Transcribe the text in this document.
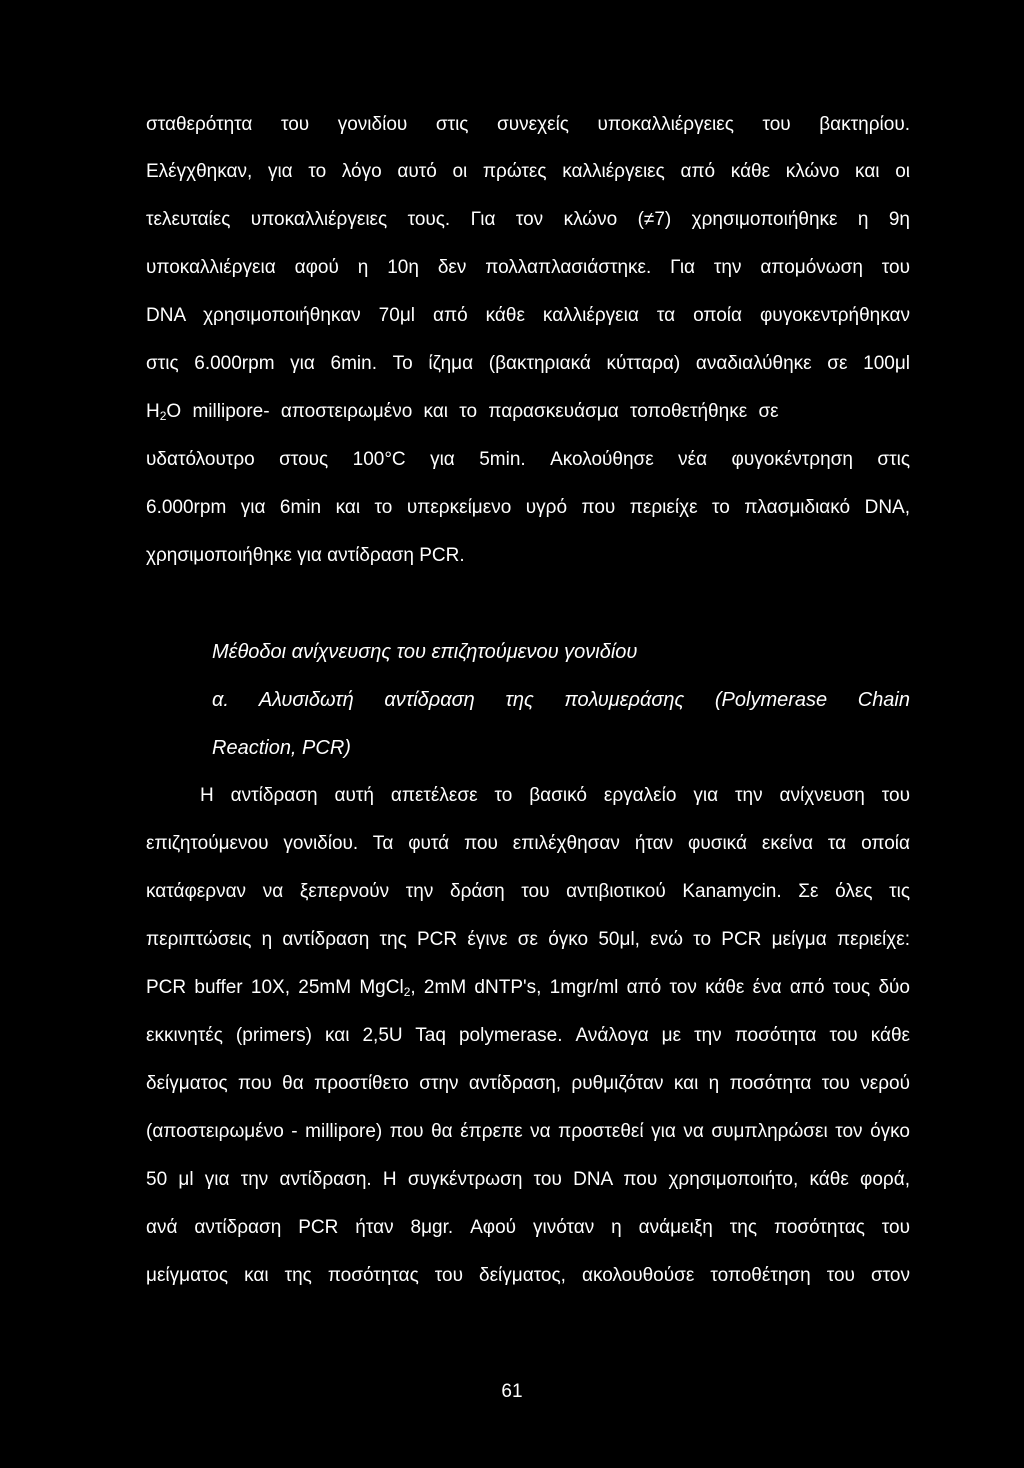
σταθερότητα του γονιδίου στις συνεχείς υποκαλλιέργειες του βακτηρίου.
Ελέγχθηκαν, για το λόγο αυτό οι πρώτες καλλιέργειες από κάθε κλώνο και οι
τελευταίες υποκαλλιέργειες τους. Για τον κλώνο (≠7) χρησιμοποιήθηκε η 9η
υποκαλλιέργεια αφού η 10η δεν πολλαπλασιάστηκε. Για την απομόνωση του
DNA χρησιμοποιήθηκαν 70μl από κάθε καλλιέργεια τα οποία φυγοκεντρήθηκαν
στις 6.000rpm για 6min. Το ίζημα (βακτηριακά κύτταρα) αναδιαλύθηκε σε 100μl
$H_2O$ millipore- αποστειρωμένο και το παρασκευάσμα τοποθετήθηκε σε
υδατόλουτρο στους 100°C για 5min. Ακολούθησε νέα φυγοκέντρηση στις
6.000rpm για 6min και το υπερκείμενο υγρό που περιείχε το πλασμιδιακό DNA,
χρησιμοποιήθηκε για αντίδραση PCR.
Μέθοδοι ανίχνευσης του επιζητούμενου γονιδίου
α. Αλυσιδωτή αντίδραση της πολυμεράσης (Polymerase Chain
Reaction, PCR)
Η αντίδραση αυτή απετέλεσε το βασικό εργαλείο για την ανίχνευση του
επιζητούμενου γονιδίου. Τα φυτά που επιλέχθησαν ήταν φυσικά εκείνα τα οποία
κατάφερναν να ξεπερνούν την δράση του αντιβιοτικού Kanamycin. Σε όλες τις
περιπτώσεις η αντίδραση της PCR έγινε σε όγκο 50μl, ενώ το PCR μείγμα περιείχε:
PCR buffer 10X, 25mM MgCl$_2$, 2mM dNTP's, 1mgr/ml από τον κάθε ένα από τους δύο
εκκινητές (primers) και 2,5U Taq polymerase. Ανάλογα με την ποσότητα του κάθε
δείγματος που θα προστίθετο στην αντίδραση, ρυθμιζόταν και η ποσότητα του νερού
(αποστειρωμένο - millipore) που θα έπρεπε να προστεθεί για να συμπληρώσει τον όγκο
50 μl για την αντίδραση. Η συγκέντρωση του DNA που χρησιμοποιήτο, κάθε φορά,
ανά αντίδραση PCR ήταν 8μgr. Αφού γινόταν η ανάμειξη της ποσότητας του
μείγματος και της ποσότητας του δείγματος, ακολουθούσε τοποθέτηση του στον
61
